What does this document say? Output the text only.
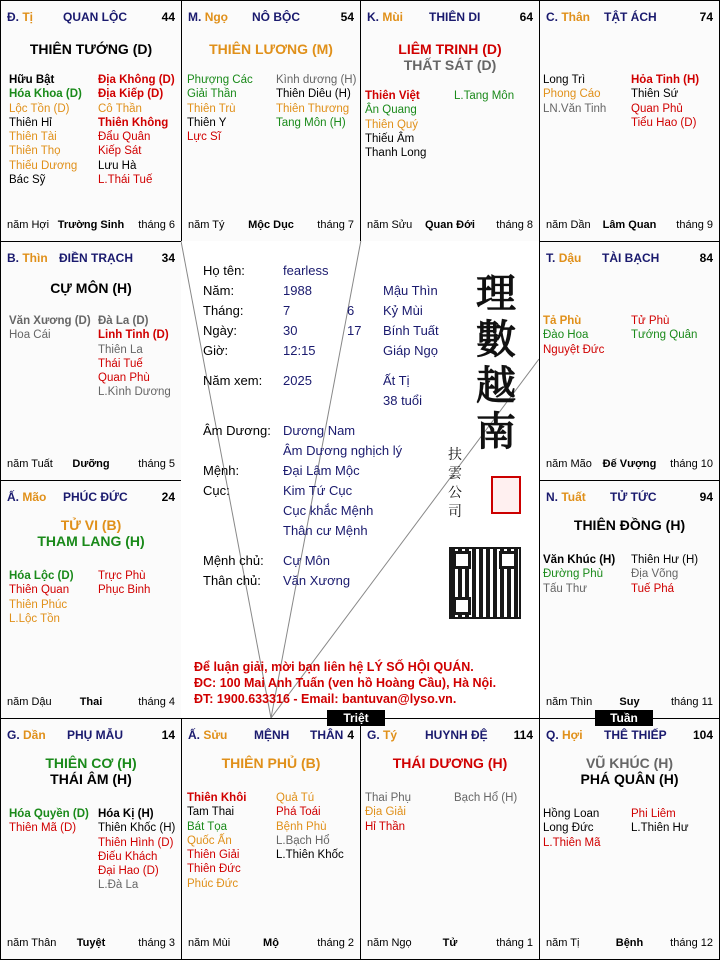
Đ. Tị QUAN LỘC	44
THIÊN TƯỚNG (D)
Hữu Bật
Hóa Khoa (D)
Lộc Tồn (D)
Thiên Hỉ
Thiên Tài
Thiên Thọ
Thiếu Dương
Bác Sỹ
Địa Không (D)
Địa Kiếp (D)
Cô Thần
Thiên Không
Đẩu Quân
Kiếp Sát
Lưu Hà
L.Thái Tuế
năm Hợi Trường Sinh	tháng 6
M. Ngọ NÔ BỘC	54
THIÊN LƯƠNG (M)
Phượng Các
Giải Thần
Thiên Trù
Thiên Y
Lực Sĩ
Kình dương (H)
Thiên Diêu (H)
Thiên Thương
Tang Môn (H)
năm Tý	Mộc Dục	tháng 7
K. Mùi THIÊN DI	64
LIÊM TRINH (D)
THẤT SÁT (D)
Thiên Việt
Ân Quang
Thiên Quý
Thiếu Âm
Thanh Long
L.Tang Môn
năm Sửu	Quan Đới	tháng 8
C. Thân TẬT ÁCH	74
Long Trì
Phong Cáo
LN.Văn Tinh
Hỏa Tinh (H)
Thiên Sứ
Quan Phủ
Tiểu Hao (D)
năm Dần	Lâm Quan	tháng 9
B. Thìn ĐIỀN TRẠCH 34
CỰ MÔN (H)
Văn Xương (D)
Hoa Cái
Đà La (D)
Linh Tinh (D)
Thiên La
Thái Tuế
Quan Phù
L.Kình Dương
năm Tuất	Dưỡng	tháng 5
Ấ. Mão PHÚC ĐỨC	24
TỬ VI (B)
THAM LANG (H)
Hóa Lộc (D)
Thiên Quan
Thiên Phúc
L.Lộc Tồn
Trực Phù
Phục Binh
năm Dậu	Thai	tháng 4
T. Dậu TÀI BẠCH	84
Tả Phù
Đào Hoa
Nguyệt Đức
Tử Phù
Tướng Quân
năm Mão Đế Vượng	tháng 10
N. Tuất TỬ TỨC	94
THIÊN ĐỒNG (H)
Văn Khúc (H)
Đường Phù
Tấu Thư
Thiên Hư (H)
Địa Võng
Tuế Phá
năm Thìn	Suy	tháng 11
G. Dần PHỤ MẪU	14
THIÊN CƠ (H)
THÁI ÂM (H)
Hóa Quyền (D)
Thiên Mã (D)
Hóa Kị (H)
Thiên Khốc (H)
Thiên Hình (D)
Điếu Khách
Đại Hao (D)
L.Đà La
năm Thân	Tuyệt	tháng 3
Ấ. Sửu MỆNH THÂN 4
THIÊN PHỦ (B)
Thiên Khôi
Tam Thai
Bát Tọa
Quốc Ấn
Thiên Giải
Thiên Đức
Phúc Đức
Quả Tú
Phá Toái
Bệnh Phù
L.Bạch Hổ
L.Thiên Khốc
năm Mùi	Mộ	tháng 2
G. Tý HUYNH ĐỆ 114
THÁI DƯƠNG (H)
Thai Phụ
Địa Giải
Hỉ Thần
Bạch Hổ (H)
năm Ngọ	Tử	tháng 1
Q. Hợi THÊ THIẾP 104
VŨ KHÚC (H)
PHÁ QUÂN (H)
Hồng Loan
Long Đức
L.Thiên Mã
Phi Liêm
L.Thiên Hư
năm Tị	Bệnh	tháng 12
Họ tên:	fearless
Năm:	1988	Mậu Thìn
Tháng:	7	6 Kỷ Mùi
Ngày:	30	17 Bính Tuất
Giờ:	12:15	Giáp Ngọ
Năm xem: 2025	Ất Tị
38 tuổi
Âm Dương: Dương Nam
Âm Dương nghịch lý
Mệnh:	Đại Lâm Mộc
Cục:	Kim Tứ Cục
Cục khắc Mệnh
Thân cư Mệnh
Mệnh chủ: Cự Môn
Thân chủ: Văn Xương
理
數
越
南
扶
雲
公
司
Để luận giải, mời bạn liên hệ LÝ SỐ HỘI QUÁN.
ĐC: 100 Mai Anh Tuấn (ven hồ Hoàng Cầu), Hà Nội.
ĐT: 1900.633316 - Email: bantuvan@lyso.vn.
Triệt	Tuần
